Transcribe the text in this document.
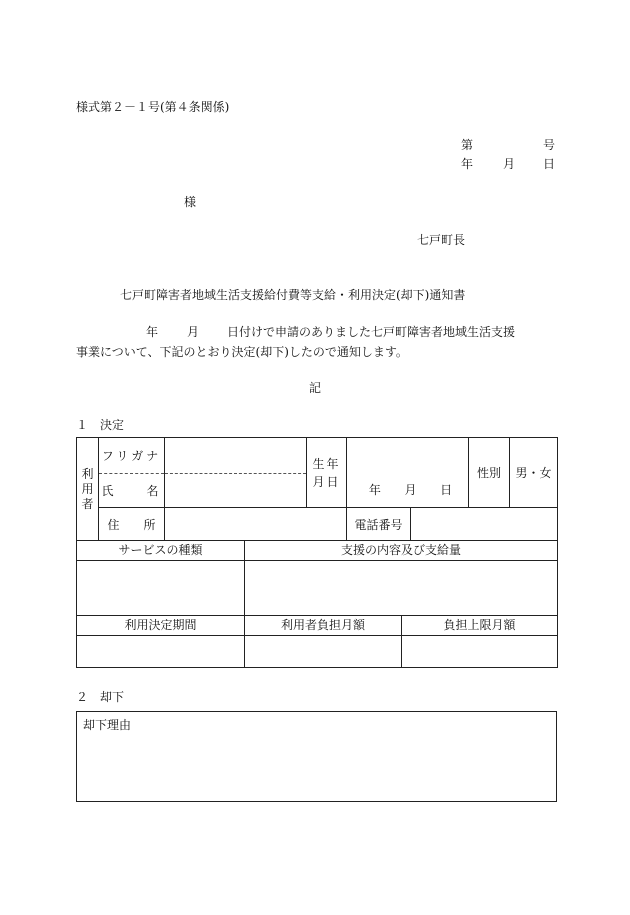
様式第２－１号(第４条関係)
第	号
年 月 日
様
七戸町長
七戸町障害者地域生活支援給付費等支給・利用決定(却下)通知書
年 月 日付けで申請のありました七戸町障害者地域生活支援
事業について、下記のとおり決定(却下)したので通知します。
記
１　決定
利用者	フリガナ		生年月日	年 月 日		性別	男・女
	氏　　名						
	住　　所			電話番号			
サービスの種類	支援の内容及び支給量

利用決定期間	利用者負担月額	負担上限月額

２　却下
却下理由
